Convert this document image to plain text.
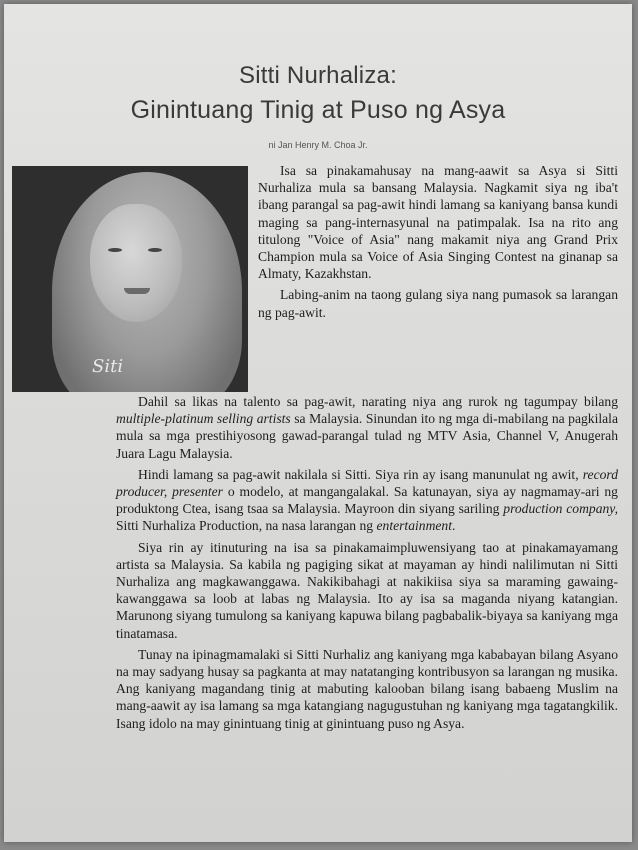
Sitti Nurhaliza:
Ginintuang Tinig at Puso ng Asya
ni Jan Henry M. Choa Jr.
Siti

Isa sa pinakamahusay na mang-aawit sa Asya si Sitti Nurhaliza mula sa bansang Malaysia. Nagkamit siya ng iba't ibang parangal sa pag-awit hindi lamang sa kaniyang bansa kundi maging sa pang-internasyunal na patimpalak. Isa na rito ang titulong "Voice of Asia" nang makamit niya ang Grand Prix Champion mula sa Voice of Asia Singing Contest na ginanap sa Almaty, Kazakhstan.

Labing-anim na taong gulang siya nang pumasok sa larangan ng pag-awit.

Dahil sa likas na talento sa pag-awit, narating niya ang rurok ng tagumpay bilang multiple-platinum selling artists sa Malaysia. Sinundan ito ng mga di-mabilang na pagkilala mula sa mga prestihiyosong gawad-parangal tulad ng MTV Asia, Channel V, Anugerah Juara Lagu Malaysia.

Hindi lamang sa pag-awit nakilala si Sitti. Siya rin ay isang manunulat ng awit, record producer, presenter o modelo, at mangangalakal. Sa katunayan, siya ay nagmamay-ari ng produktong Ctea, isang tsaa sa Malaysia. Mayroon din siyang sariling production company, Sitti Nurhaliza Production, na nasa larangan ng entertainment.

Siya rin ay itinuturing na isa sa pinakamaimpluwensiyang tao at pinakamayamang artista sa Malaysia. Sa kabila ng pagiging sikat at mayaman ay hindi nalilimutan ni Sitti Nurhaliza ang magkawanggawa. Nakikibahagi at nakikiisa siya sa maraming gawaing-kawanggawa sa loob at labas ng Malaysia. Ito ay isa sa maganda niyang katangian. Marunong siyang tumulong sa kaniyang kapuwa bilang pagbabalik-biyaya sa kaniyang mga tinatamasa.

Tunay na ipinagmamalaki si Sitti Nurhaliz ang kaniyang mga kababayan bilang Asyano na may sadyang husay sa pagkanta at may natatanging kontribusyon sa larangan ng musika. Ang kaniyang magandang tinig at mabuting kalooban bilang isang babaeng Muslim na mang-aawit ay isa lamang sa mga katangiang nagugustuhan ng kaniyang mga tagatangkilik. Isang idolo na may ginintuang tinig at ginintuang puso ng Asya.
